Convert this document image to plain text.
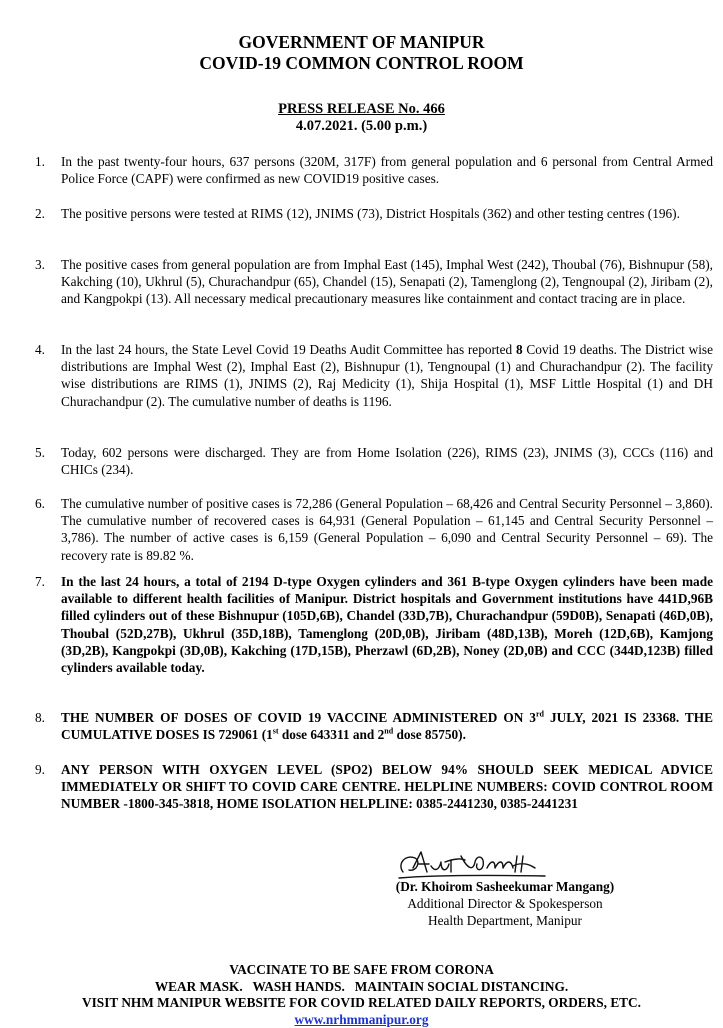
GOVERNMENT OF MANIPUR
COVID-19 COMMON CONTROL ROOM
PRESS RELEASE No. 466
4.07.2021. (5.00 p.m.)
1.	In the past twenty-four hours, 637 persons (320M, 317F) from general population and 6 personal from Central Armed Police Force (CAPF) were confirmed as new COVID19 positive cases.
2.	The positive persons were tested at RIMS (12), JNIMS (73), District Hospitals (362) and other testing centres (196).
3.	The positive cases from general population are from Imphal East (145), Imphal West (242), Thoubal (76), Bishnupur (58), Kakching (10), Ukhrul (5), Churachandpur (65), Chandel (15), Senapati (2), Tamenglong (2), Tengnoupal (2), Jiribam (2), and Kangpokpi (13). All necessary medical precautionary measures like containment and contact tracing are in place.
4.	In the last 24 hours, the State Level Covid 19 Deaths Audit Committee has reported 8 Covid 19 deaths. The District wise distributions are Imphal West (2), Imphal East (2), Bishnupur (1), Tengnoupal (1) and Churachandpur (2). The facility wise distributions are RIMS (1), JNIMS (2), Raj Medicity (1), Shija Hospital (1), MSF Little Hospital (1) and DH Churachandpur (2). The cumulative number of deaths is 1196.
5.	Today, 602 persons were discharged. They are from Home Isolation (226), RIMS (23), JNIMS (3), CCCs (116) and CHICs (234).
6.	The cumulative number of positive cases is 72,286 (General Population – 68,426 and Central Security Personnel – 3,860). The cumulative number of recovered cases is 64,931 (General Population – 61,145 and Central Security Personnel – 3,786). The number of active cases is 6,159 (General Population – 6,090 and Central Security Personnel – 69). The recovery rate is 89.82 %.
7.	In the last 24 hours, a total of 2194 D-type Oxygen cylinders and 361 B-type Oxygen cylinders have been made available to different health facilities of Manipur. District hospitals and Government institutions have 441D,96B filled cylinders out of these Bishnupur (105D,6B), Chandel (33D,7B), Churachandpur (59D0B), Senapati (46D,0B), Thoubal (52D,27B), Ukhrul (35D,18B), Tamenglong (20D,0B), Jiribam (48D,13B), Moreh (12D,6B), Kamjong (3D,2B), Kangpokpi (3D,0B), Kakching (17D,15B), Pherzawl (6D,2B), Noney (2D,0B) and CCC (344D,123B) filled cylinders available today.
8.	THE NUMBER OF DOSES OF COVID 19 VACCINE ADMINISTERED ON 3rd JULY, 2021 IS 23368. THE CUMULATIVE DOSES IS 729061 (1st dose 643311 and 2nd dose 85750).
9.	ANY PERSON WITH OXYGEN LEVEL (SPO2) BELOW 94% SHOULD SEEK MEDICAL ADVICE IMMEDIATELY OR SHIFT TO COVID CARE CENTRE. HELPLINE NUMBERS: COVID CONTROL ROOM NUMBER -1800-345-3818, HOME ISOLATION HELPLINE: 0385-2441230, 0385-2441231
(Dr. Khoirom Sasheekumar Mangang)
Additional Director & Spokesperson
Health Department, Manipur
VACCINATE TO BE SAFE FROM CORONA
WEAR MASK.   WASH HANDS.   MAINTAIN SOCIAL DISTANCING.
VISIT NHM MANIPUR WEBSITE FOR COVID RELATED DAILY REPORTS, ORDERS, ETC.
www.nrhmmanipur.org
